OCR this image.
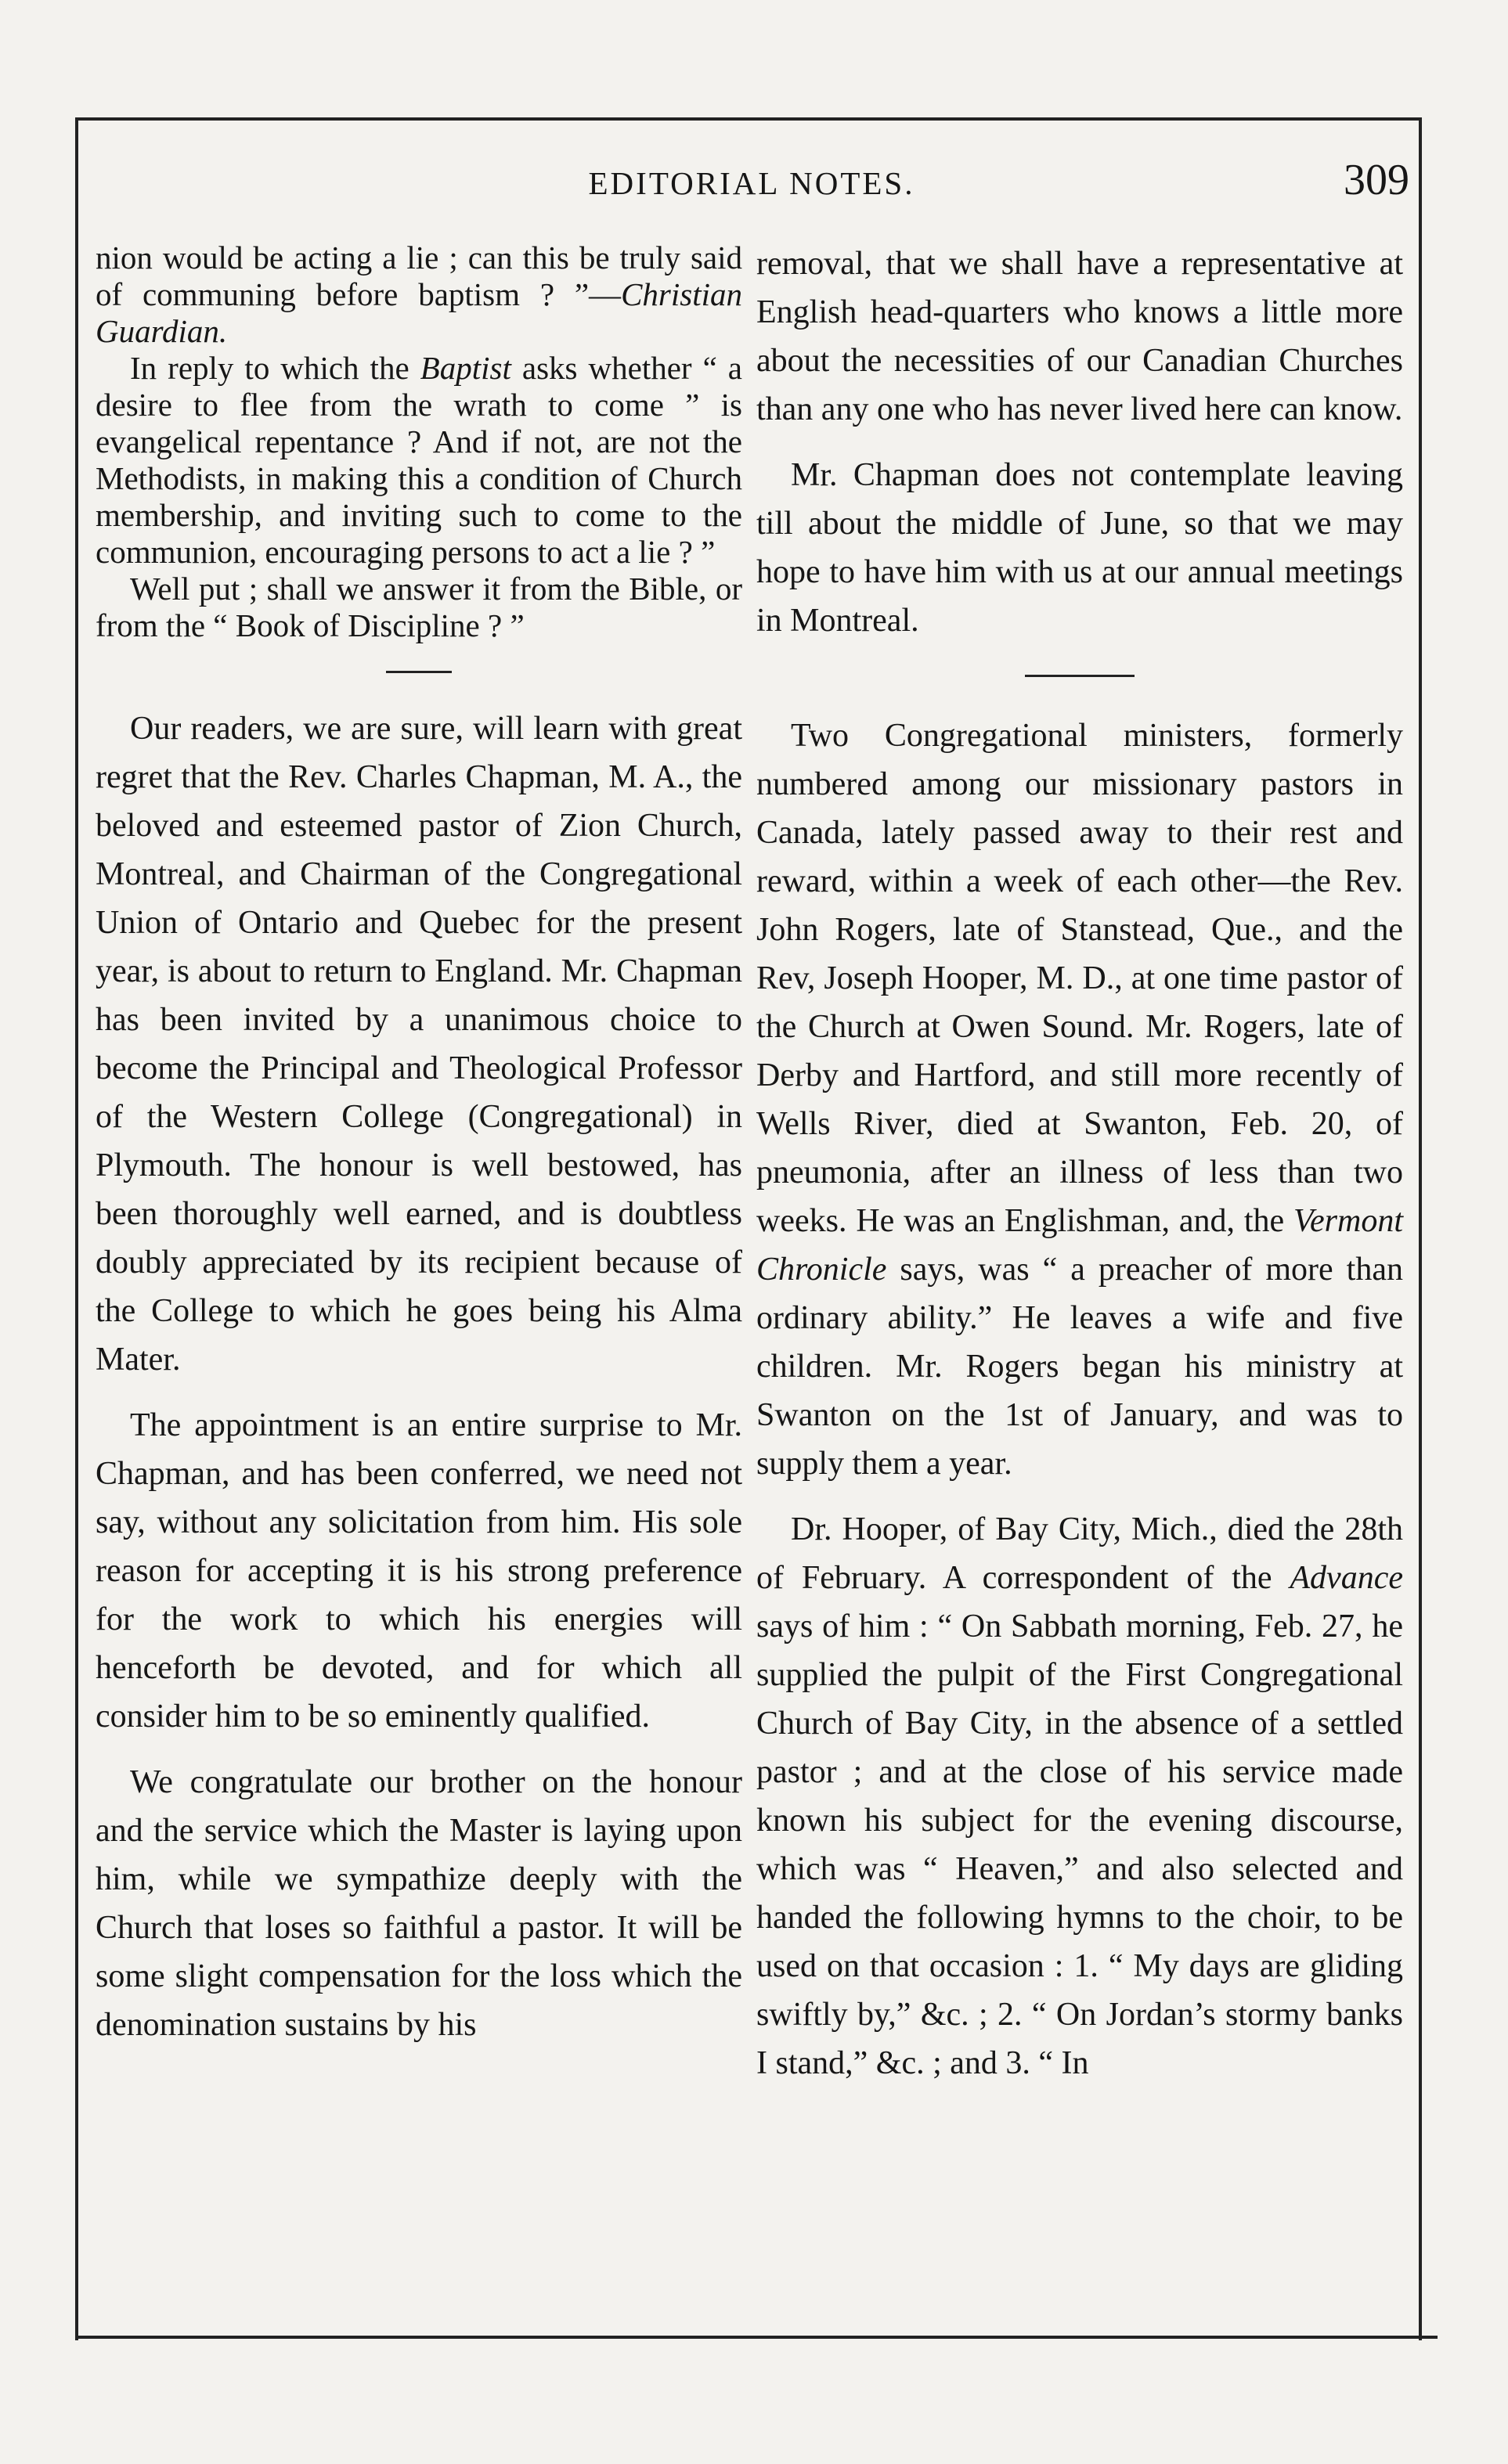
EDITORIAL NOTES.	309

nion would be acting a lie ; can this be truly said of communing before baptism ? ”—Christian Guardian.

In reply to which the Baptist asks whether “ a desire to flee from the wrath to come ” is evangelical repentance ? And if not, are not the Methodists, in making this a condition of Church membership, and inviting such to come to the communion, encouraging persons to act a lie ? ”

Well put ; shall we answer it from the Bible, or from the “ Book of Discipline ? ”

Our readers, we are sure, will learn with great regret that the Rev. Charles Chapman, M. A., the beloved and esteemed pastor of Zion Church, Montreal, and Chairman of the Congregational Union of Ontario and Quebec for the present year, is about to return to England. Mr. Chapman has been invited by a unanimous choice to become the Principal and Theological Professor of the Western College (Congregational) in Plymouth. The honour is well bestowed, has been thoroughly well earned, and is doubtless doubly appreciated by its recipient because of the College to which he goes being his Alma Mater.

The appointment is an entire surprise to Mr. Chapman, and has been conferred, we need not say, without any solicitation from him. His sole reason for accepting it is his strong preference for the work to which his energies will henceforth be devoted, and for which all consider him to be so eminently qualified.

We congratulate our brother on the honour and the service which the Master is laying upon him, while we sympathize deeply with the Church that loses so faithful a pastor. It will be some slight compensation for the loss which the denomination sustains by his

removal, that we shall have a representative at English head-quarters who knows a little more about the necessities of our Canadian Churches than any one who has never lived here can know.

Mr. Chapman does not contemplate leaving till about the middle of June, so that we may hope to have him with us at our annual meetings in Montreal.

Two Congregational ministers, formerly numbered among our missionary pastors in Canada, lately passed away to their rest and reward, within a week of each other—the Rev. John Rogers, late of Stanstead, Que., and the Rev, Joseph Hooper, M. D., at one time pastor of the Church at Owen Sound. Mr. Rogers, late of Derby and Hartford, and still more recently of Wells River, died at Swanton, Feb. 20, of pneumonia, after an illness of less than two weeks. He was an Englishman, and, the Vermont Chronicle says, was “ a preacher of more than ordinary ability.” He leaves a wife and five children. Mr. Rogers began his ministry at Swanton on the 1st of January, and was to supply them a year.

Dr. Hooper, of Bay City, Mich., died the 28th of February. A correspondent of the Advance says of him : “ On Sabbath morning, Feb. 27, he supplied the pulpit of the First Congregational Church of Bay City, in the absence of a settled pastor ; and at the close of his service made known his subject for the evening discourse, which was “ Heaven,” and also selected and handed the following hymns to the choir, to be used on that occasion : 1. “ My days are gliding swiftly by,” &c. ; 2. “ On Jordan’s stormy banks I stand,” &c. ; and 3. “ In
